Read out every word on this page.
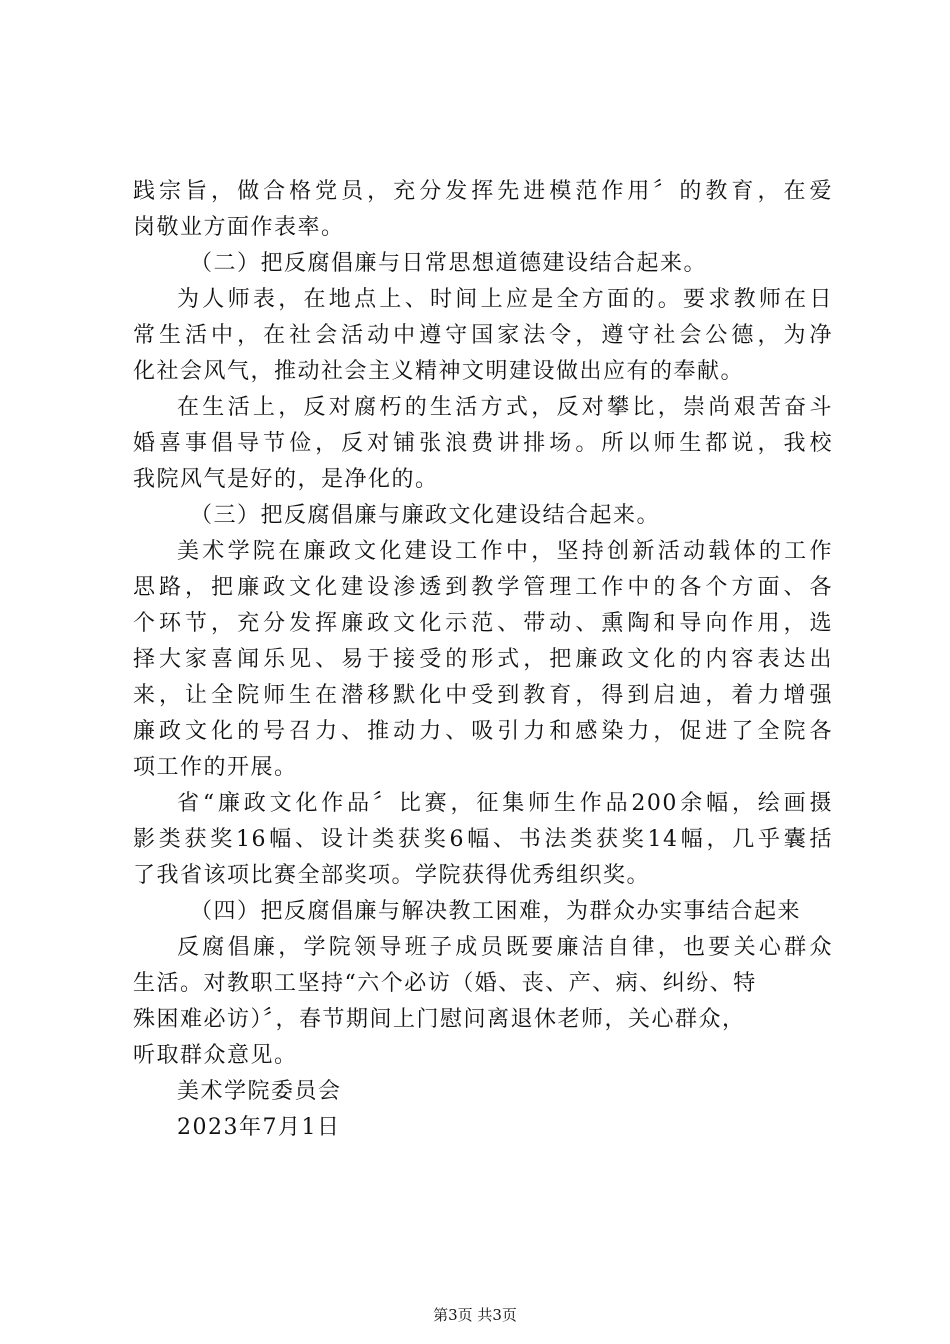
践宗旨，做合格党员，充分发挥先进模范作用〞的教育，在爱
岗敬业方面作表率。
（二）把反腐倡廉与日常思想道德建设结合起来。
为人师表，在地点上、时间上应是全方面的。要求教师在日
常生活中，在社会活动中遵守国家法令，遵守社会公德，为净
化社会风气，推动社会主义精神文明建设做出应有的奉献。
在生活上，反对腐朽的生活方式，反对攀比，崇尚艰苦奋斗
婚喜事倡导节俭，反对铺张浪费讲排场。所以师生都说，我校
我院风气是好的，是净化的。
（三）把反腐倡廉与廉政文化建设结合起来。
美术学院在廉政文化建设工作中，坚持创新活动载体的工作
思路，把廉政文化建设渗透到教学管理工作中的各个方面、各
个环节，充分发挥廉政文化示范、带动、熏陶和导向作用，选
择大家喜闻乐见、易于接受的形式，把廉政文化的内容表达出
来，让全院师生在潜移默化中受到教育，得到启迪，着力增强
廉政文化的号召力、推动力、吸引力和感染力，促进了全院各
项工作的开展。
省“廉政文化作品〞比赛，征集师生作品200余幅，绘画摄
影类获奖16幅、设计类获奖6幅、书法类获奖14幅，几乎囊括
了我省该项比赛全部奖项。学院获得优秀组织奖。
（四）把反腐倡廉与解决教工困难，为群众办实事结合起来
反腐倡廉，学院领导班子成员既要廉洁自律，也要关心群众
生活。对教职工坚持“六个必访（婚、丧、产、病、纠纷、特
殊困难必访）〞，春节期间上门慰问离退休老师，关心群众，
听取群众意见。
美术学院委员会
2023年7月1日
第3页 共3页
